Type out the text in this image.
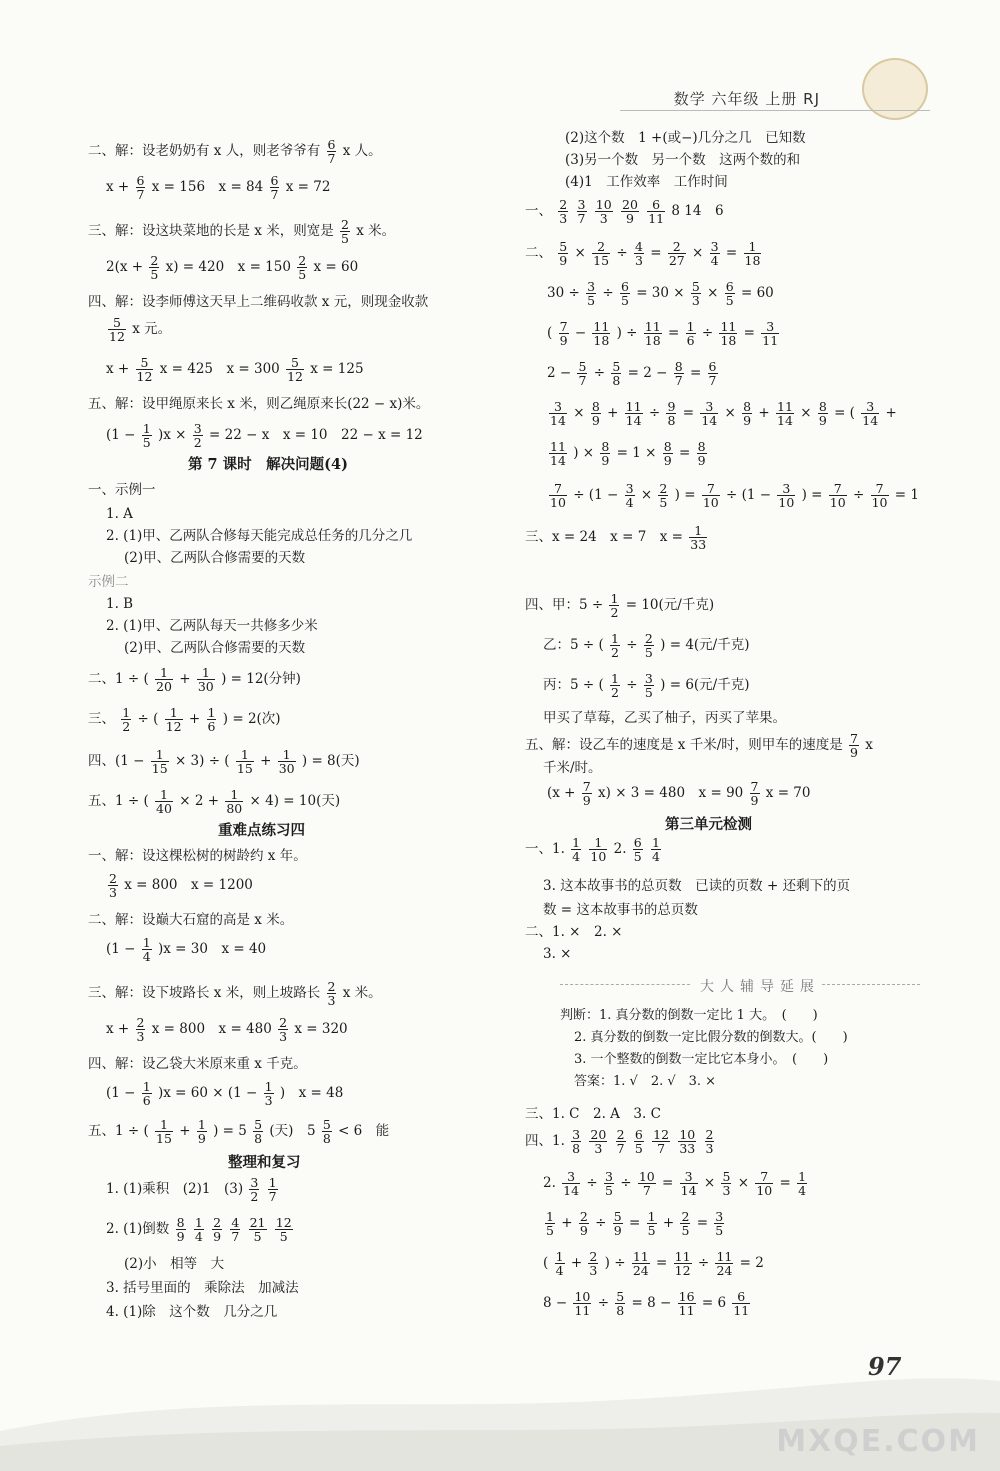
数学 六年级 上册 RJ
二、解：设老奶奶有 x 人，则老爷爷有 $\frac{6}{7}$ x 人。
$x + \frac{6}{7}$ x = 156　$x = 84 \frac{6}{7}$ x = 72
三、解：设这块菜地的长是 x 米，则宽是 $\frac{2}{5}$ x 米。
$2(x + \frac{2}{5} x) = 420$　$x = 150 \frac{2}{5}$ x = 60
四、解：设李师傅这天早上二维码收款 x 元，则现金收款
$\frac{5}{12}$ x 元。
$x + \frac{5}{12}$ x = 425　$x = 300 \frac{5}{12}$ x = 125
五、解：设甲绳原来长 x 米，则乙绳原来长(22 − x)米。
$(1 - \frac{1}{5} )x \times \frac{3}{2} = 22 - x$　x = 10　22 − x = 12
第 7 课时　解决问题(4)
一、示例一
1. A
2. (1)甲、乙两队合修每天能完成总任务的几分之几
(2)甲、乙两队合修需要的天数
示例二
1. B
2. (1)甲、乙两队每天一共修多少米
(2)甲、乙两队合修需要的天数
二、1 ÷ ( $\frac{1}{20} + \frac{1}{30}$ ) = 12(分钟)
三、 $\frac{1}{2}$ ÷ ( $\frac{1}{12} + \frac{1}{6}$ ) = 2(次)
四、$(1 - \frac{1}{15} \times 3)$ ÷ ( $\frac{1}{15} + \frac{1}{30}$ ) = 8(天)
五、1 ÷ ( $\frac{1}{40} \times 2 + \frac{1}{80} \times 4) = 10$(天)
重难点练习四
一、解：设这棵松树的树龄约 x 年。
$\frac{2}{3}$ x = 800　x = 1200
二、解：设巅大石窟的高是 x 米。
$(1 - \frac{1}{4} )x = 30$　x = 40
三、解：设下坡路长 x 米，则上坡路长 $\frac{2}{3}$ x 米。
$x + \frac{2}{3}$ x = 800　$x = 480 \frac{2}{3}$ x = 320
四、解：设乙袋大米原来重 x 千克。
$(1 - \frac{1}{6} )x = 60 \times (1 - \frac{1}{3}$ )　x = 48
五、1 ÷ ( $\frac{1}{15} + \frac{1}{9}$ ) = $5 \frac{5}{8}$ (天)　$5 \frac{5}{8} < 6$　能
整理和复习
1. (1)乘积　(2)1　$(3) \frac{3}{2}$
$\frac{1}{7}$
2. (1)倒数 $\frac{8}{9}$
$\frac{1}{4}$
$\frac{2}{9}$
$\frac{4}{7}$
$\frac{21}{5}$
$\frac{12}{5}$
(2)小　相等　大
3. 括号里面的　乘除法　加减法
4. (1)除　这个数　几分之几
(2)这个数　1 +(或−)几分之几　已知数
(3)另一个数　另一个数　这两个数的和
(4)1　工作效率　工作时间
一、 $\frac{2}{3}$
$\frac{3}{7}$
$\frac{10}{3}$
$\frac{20}{9}$
$\frac{6}{11} 8$ 14　6
二、 $\frac{5}{9} \times \frac{2}{15} \div \frac{4}{3} = \frac{2}{27} \times \frac{3}{4} = \frac{1}{18}$
$30 \div \frac{3}{5} \div \frac{6}{5} = 30 \times \frac{5}{3} \times \frac{6}{5} = 60$
( $\frac{7}{9} - \frac{11}{18}$ ) ÷ $\frac{11}{18} = \frac{1}{6} \div \frac{11}{18} = \frac{3}{11}$
$2 - \frac{5}{7} \div \frac{5}{8} = 2 - \frac{8}{7} = \frac{6}{7}$
$\frac{3}{14} \times \frac{8}{9} + \frac{11}{14} \div \frac{9}{8} = \frac{3}{14} \times \frac{8}{9} + \frac{11}{14} \times \frac{8}{9}$ = ( $\frac{3}{14}$ +
$\frac{11}{14}$ ) × $\frac{8}{9} = 1 \times \frac{8}{9} = \frac{8}{9}$
$\frac{7}{10} \div (1 - \frac{3}{4} \times \frac{2}{5}$ ) = $\frac{7}{10} \div (1 - \frac{3}{10}$ ) = $\frac{7}{10} \div \frac{7}{10} = 1$
三、x = 24　x = 7　$x = \frac{1}{33}$
四、甲：$5 \div \frac{1}{2} = 10$(元/千克)
乙：5 ÷ ( $\frac{1}{2} \div \frac{2}{5}$ ) = 4(元/千克)
丙：5 ÷ ( $\frac{1}{2} \div \frac{3}{5}$ ) = 6(元/千克)
甲买了草莓，乙买了柚子，丙买了苹果。
五、解：设乙车的速度是 x 千米/时，则甲车的速度是 $\frac{7}{9}$ x
千米/时。
$(x + \frac{7}{9} x) \times 3 = 480$　$x = 90 \frac{7}{9}$ x = 70
第三单元检测
一、1. $\frac{1}{4}$
$\frac{1}{10} 2$. $\frac{6}{5}$
$\frac{1}{4}$
3. 这本故事书的总页数　已读的页数 + 还剩下的页
数 = 这本故事书的总页数
二、1. ×　2. ×
3. ×
三、1. C　2. A　3. C
四、1. $\frac{3}{8}$
$\frac{20}{3}$
$\frac{2}{7}$
$\frac{6}{5}$
$\frac{12}{7}$
$\frac{10}{33}$
$\frac{2}{3}$
2. $\frac{3}{14} \div \frac{3}{5} \div \frac{10}{7} = \frac{3}{14} \times \frac{5}{3} \times \frac{7}{10} = \frac{1}{4}$
$\frac{1}{5} + \frac{2}{9} \div \frac{5}{9} = \frac{1}{5} + \frac{2}{5} = \frac{3}{5}$
( $\frac{1}{4} + \frac{2}{3}$ ) ÷ $\frac{11}{24} = \frac{11}{12} \div \frac{11}{24} = 2$
$8 - \frac{10}{11} \div \frac{5}{8} = 8 - \frac{16}{11} = 6 \frac{6}{11}$
大人辅导延展
判断：1. 真分数的倒数一定比 1 大。　(　　)
2. 真分数的倒数一定比假分数的倒数大。(　　)
3. 一个整数的倒数一定比它本身小。　(　　)
答案：1. √　2. √　3. ×
97
MXQE.COM
